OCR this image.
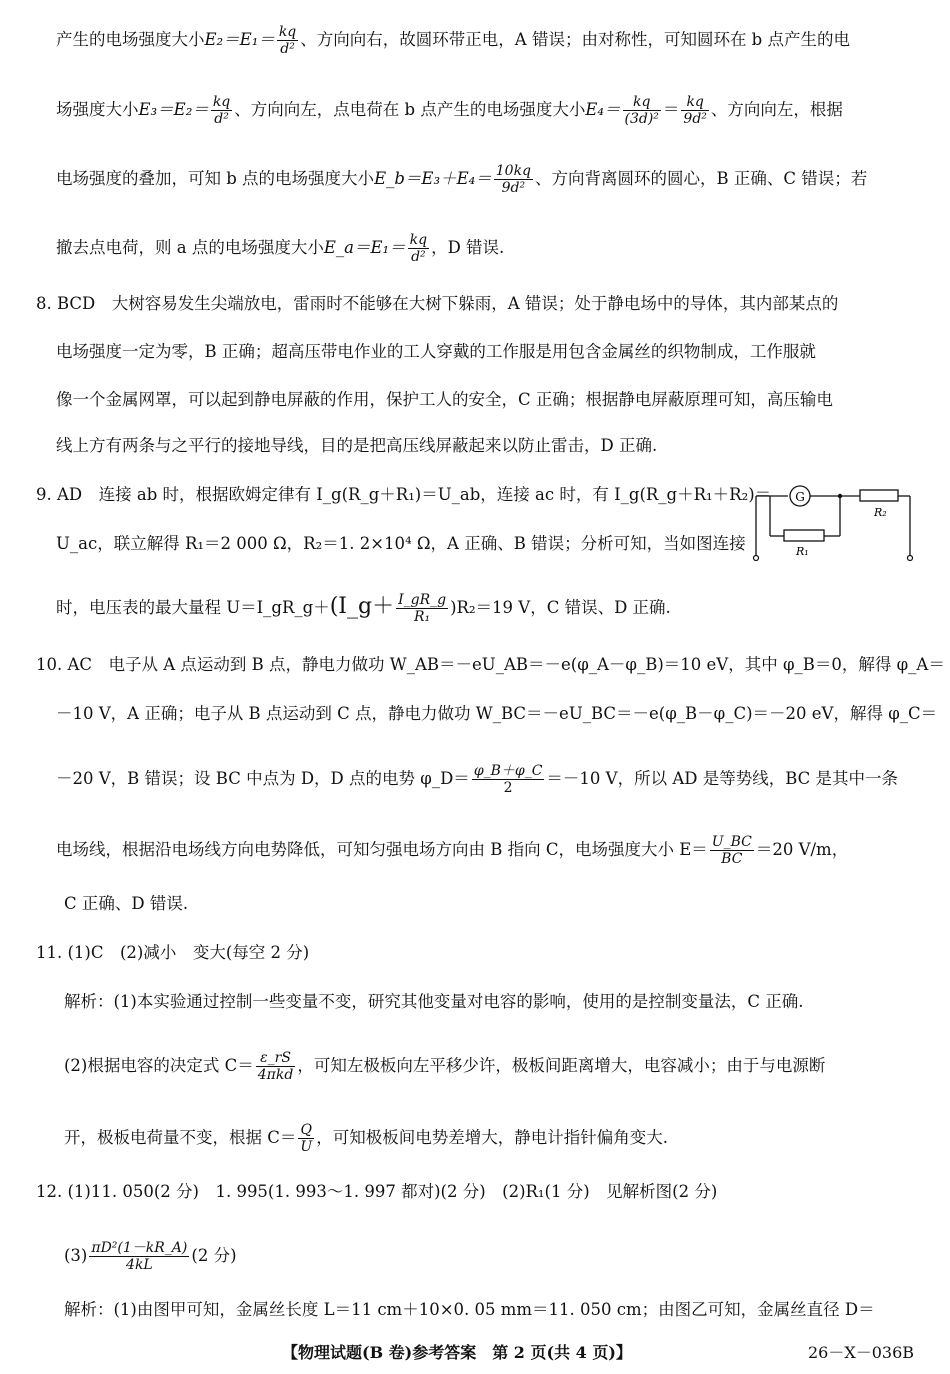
产生的电场强度大小$E_2=E_1= \frac{kq}{\text{d²}}$ 、方向向右，故圆环带正电，A 错误；由对称性，可知圆环在 b 点产生的电
场强度大小$E_3=E_2= \frac{kq}{\text{d²}}$ 、方向向左，点电荷在 b 点产生的电场强度大小$E_4= \frac{kq}{\text{(3d)²}} = \frac{kq}{\text{9d²}}$ 、方向向左，根据
电场强度的叠加，可知 b 点的电场强度大小E_b＝E₃＋E₄＝ $\frac{10kq}{\text{9d²}}$ 、方向背离圆环的圆心，B 正确、C 错误；若
撤去点电荷，则 a 点的电场强度大小E_a＝E₁＝ $\frac{kq}{\text{d²}}$ ，D 错误.
8. BCD　大树容易发生尖端放电，雷雨时不能够在大树下躲雨，A 错误；处于静电场中的导体，其内部某点的
电场强度一定为零，B 正确；超高压带电作业的工人穿戴的工作服是用包含金属丝的织物制成，工作服就
像一个金属网罩，可以起到静电屏蔽的作用，保护工人的安全，C 正确；根据静电屏蔽原理可知，高压输电
线上方有两条与之平行的接地导线，目的是把高压线屏蔽起来以防止雷击，D 正确.
9. AD　连接 ab 时，根据欧姆定律有 I_g(R_g＋R₁)＝U_ab，连接 ac 时，有 I_g(R_g＋R₁＋R₂)＝
U_ac，联立解得 R₁＝2 000 Ω，R₂＝1. 2×10⁴ Ω，A 正确、B 错误；分析可知，当如图连接
时，电压表的最大量程 U＝I_gR_g＋(I_g＋ $\frac{I\_gR\_g}{\text{R₁}} )R_2=19$ V，C 错误、D 正确.
G
R₂
R₁
10. AC　电子从 A 点运动到 B 点，静电力做功 W_AB＝－eU_AB＝－e(φ_A－φ_B)＝10 eV，其中 φ_B＝0，解得 φ_A＝
－10 V，A 正确；电子从 B 点运动到 C 点，静电力做功 W_BC＝－eU_BC＝－e(φ_B－φ_C)＝－20 eV，解得 φ_C＝
－20 V，B 错误；设 BC 中点为 D，D 点的电势 φ_D＝ $\frac{\varphi\_B+\varphi\_C}{2} =-10$ V，所以 AD 是等势线，BC 是其中一条
电场线，根据沿电场线方向电势降低，可知匀强电场方向由 B 指向 C，电场强度大小 $E= \frac{U\_BC}{BC} =20$ V/m，
C 正确、D 错误.
11. (1)C　(2)减小　变大(每空 2 分)
解析：(1)本实验通过控制一些变量不变，研究其他变量对电容的影响，使用的是控制变量法，C 正确.
(2)根据电容的决定式 $C= \frac{\varepsilon\_rS}{\text{4πkd}}$ ，可知左极板向左平移少许，极板间距离增大，电容减小；由于与电源断
开，极板电荷量不变，根据 $C= \frac{Q}{U}$ ，可知极板间电势差增大，静电计指针偏角变大.
12. (1)11. 050(2 分)　1. 995(1. 993～1. 997 都对)(2 分)　(2)R₁(1 分)　见解析图(2 分)
$(3) \frac{\text{πD²(1－kR\_A)}}{4kL} (2$ 分)
解析：(1)由图甲可知，金属丝长度 L＝11 cm＋10×0. 05 mm＝11. 050 cm；由图乙可知，金属丝直径 D＝
【物理试题(B 卷)参考答案　第 2 页(共 4 页)】	26－X－036B
